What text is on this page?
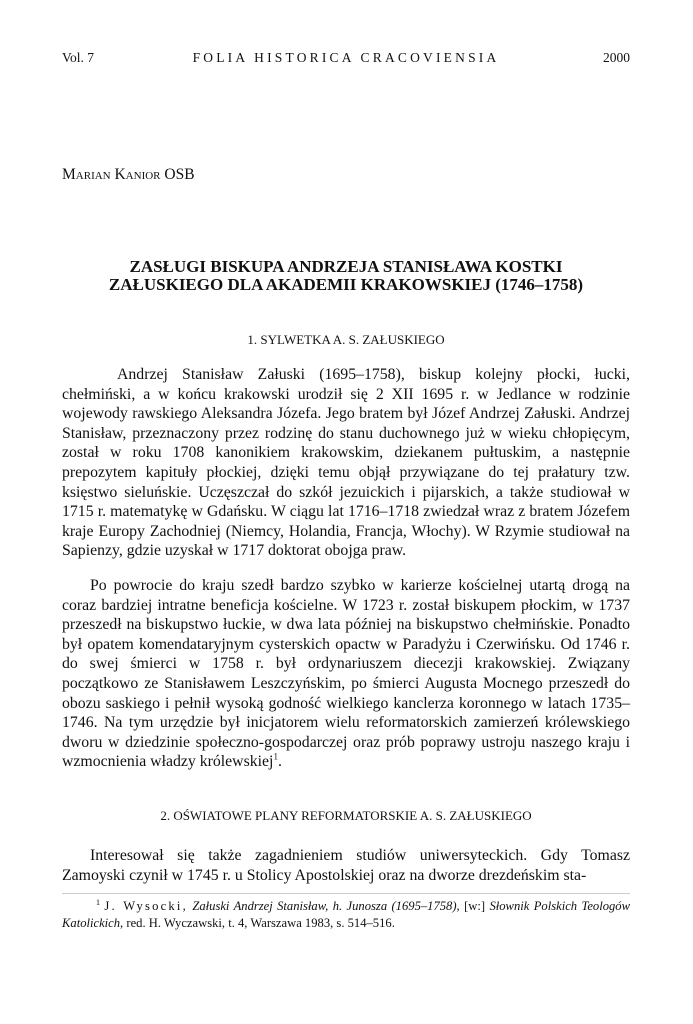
Vol. 7	FOLIA HISTORICA CRACOVIENSIA	2000
Marian Kanior OSB
ZASŁUGI BISKUPA ANDRZEJA STANISŁAWA KOSTKI
ZAŁUSKIEGO DLA AKADEMII KRAKOWSKIEJ (1746–1758)
1. SYLWETKA A. S. ZAŁUSKIEGO

Andrzej Stanisław Załuski (1695–1758), biskup kolejny płocki, łucki, chełmiński, a w końcu krakowski urodził się 2 XII 1695 r. w Jedlance w rodzinie wojewody rawskiego Aleksandra Józefa. Jego bratem był Józef Andrzej Załuski. Andrzej Stanisław, przeznaczony przez rodzinę do stanu duchownego już w wieku chłopięcym, został w roku 1708 kanonikiem krakowskim, dziekanem pułtuskim, a następnie prepozytem kapituły płockiej, dzięki temu objął przywiązane do tej prałatury tzw. księstwo sieluńskie. Uczęszczał do szkół jezuickich i pijarskich, a także studiował w 1715 r. matematykę w Gdańsku. W ciągu lat 1716–1718 zwiedzał wraz z bratem Józefem kraje Europy Zachodniej (Niemcy, Holandia, Francja, Włochy). W Rzymie studiował na Sapienzy, gdzie uzyskał w 1717 doktorat obojga praw.

Po powrocie do kraju szedł bardzo szybko w karierze kościelnej utartą drogą na coraz bardziej intratne beneficja kościelne. W 1723 r. został biskupem płockim, w 1737 przeszedł na biskupstwo łuckie, w dwa lata później na biskupstwo chełmińskie. Ponadto był opatem komendataryjnym cysterskich opactw w Paradyżu i Czerwińsku. Od 1746 r. do swej śmierci w 1758 r. był ordynariuszem diecezji krakowskiej. Związany początkowo ze Stanisławem Leszczyńskim, po śmierci Augusta Mocnego przeszedł do obozu saskiego i pełnił wysoką godność wielkiego kanclerza koronnego w latach 1735–1746. Na tym urzędzie był inicjatorem wielu reformatorskich zamierzeń królewskiego dworu w dziedzinie społeczno-gospodarczej oraz prób poprawy ustroju naszego kraju i wzmocnienia władzy królewskiej$^1$.

2. OŚWIATOWE PLANY REFORMATORSKIE A. S. ZAŁUSKIEGO

Interesował się także zagadnieniem studiów uniwersyteckich. Gdy Tomasz Zamoyski czynił w 1745 r. u Stolicy Apostolskiej oraz na dworze drezdeńskim sta-

$^1$ J. Wysocki, Załuski Andrzej Stanisław, h. Junosza (1695–1758), [w:] Słownik Polskich Teologów Katolickich, red. H. Wyczawski, t. 4, Warszawa 1983, s. 514–516.
